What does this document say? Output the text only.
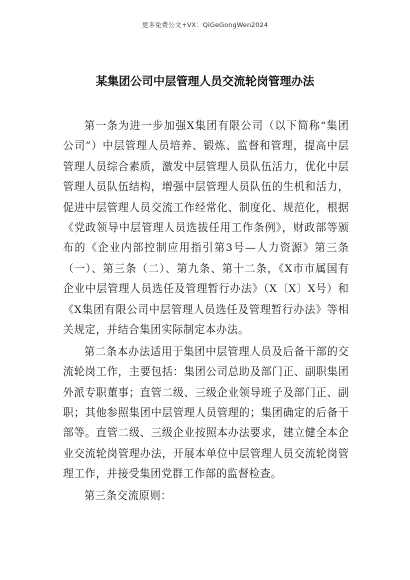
更多免费公文+VX：QiGeGongWen2024
某集团公司中层管理人员交流轮岗管理办法

第一条为进一步加强X集团有限公司（以下简称“集团公司”）中层管理人员培养、锻炼、监督和管理，提高中层管理人员综合素质，激发中层管理人员队伍活力，优化中层管理人员队伍结构，增强中层管理人员队伍的生机和活力，促进中层管理人员交流工作经常化、制度化、规范化，根据《党政领导中层管理人员选拔任用工作条例》，财政部等颁布的《企业内部控制应用指引第3号—人力资源》第三条（一）、第三条（二）、第九条、第十二条，《X市市属国有企业中层管理人员选任及管理暂行办法》（X〔X〕X号）和《X集团有限公司中层管理人员选任及管理暂行办法》等相关规定，并结合集团实际制定本办法。

第二条本办法适用于集团中层管理人员及后备干部的交流轮岗工作，主要包括：集团公司总助及部门正、副职集团外派专职董事；直管二级、三级企业领导班子及部门正、副职；其他参照集团中层管理人员管理的；集团确定的后备干部等。直管二级、三级企业按照本办法要求，建立健全本企业交流轮岗管理办法，开展本单位中层管理人员交流轮岗管理工作，并接受集团党群工作部的监督检查。

第三条交流原则：
